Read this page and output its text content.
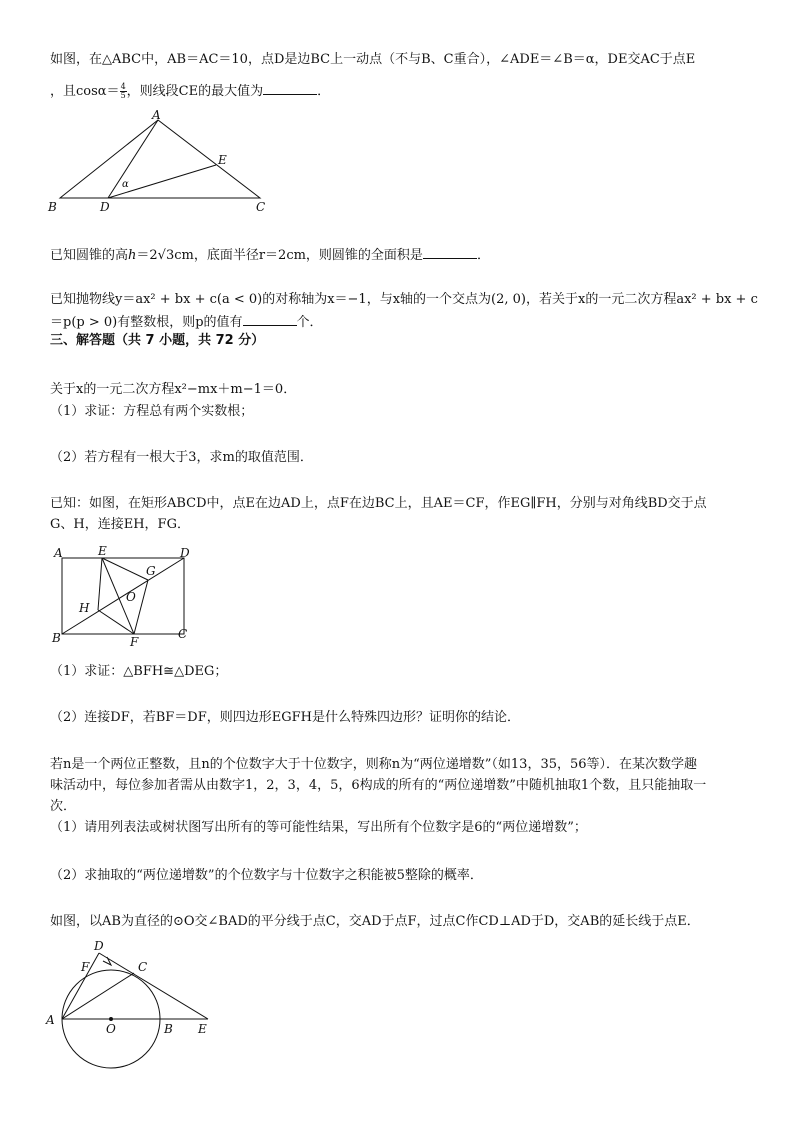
如图，在△ABC中，AB＝AC＝10，点D是边BC上一动点（不与B、C重合），∠ADE＝∠B＝α，DE交AC于点E
，且$\cos\alpha= \frac{4}{5}$ ，则线段CE的最大值为	．
A
B	C
D
E
α
已知圆锥的高h＝2√3cm，底面半径r＝2cm，则圆锥的全面积是	．
已知抛物线y＝ax² + bx + c(a < 0)的对称轴为x＝−1，与x轴的一个交点为(2, 0)，若关于x的一元二次方程ax² + bx + c
＝p(p > 0)有整数根，则p的值有	个．
三、解答题（共 7 小题，共 72 分）
关于x的一元二次方程x²−mx＋m−1＝0．
（1）求证：方程总有两个实数根；
（2）若方程有一根大于3，求m的取值范围．
已知：如图，在矩形ABCD中，点E在边AD上，点F在边BC上，且AE＝CF，作EG∥FH，分别与对角线BD交于点
G、H，连接EH，FG．
A	E	D
G
O
H
B	F
C
（1）求证：△BFH≅△DEG；
（2）连接DF，若BF＝DF，则四边形EGFH是什么特殊四边形？证明你的结论．
若n是一个两位正整数，且n的个位数字大于十位数字，则称n为“两位递增数”（如13，35，56等）．在某次数学趣
味活动中，每位参加者需从由数字1，2，3，4，5，6构成的所有的“两位递增数”中随机抽取1个数，且只能抽取一
次．
（1）请用列表法或树状图写出所有的等可能性结果，写出所有个位数字是6的“两位递增数”；
（2）求抽取的“两位递增数”的个位数字与十位数字之积能被5整除的概率．
如图，以AB为直径的⊙O交∠BAD的平分线于点C，交AD于点F，过点C作CD⊥AD于D，交AB的延长线于点E．
D
F	C
A
O	B E
